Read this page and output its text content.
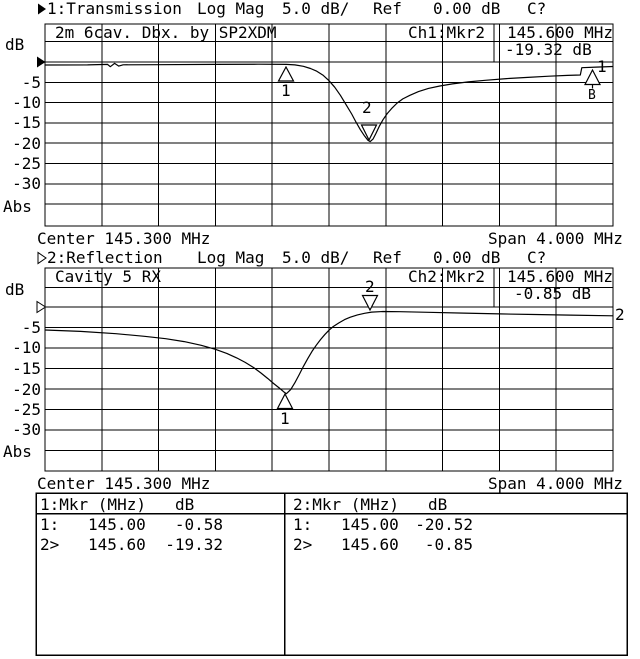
1:Transmission Log Mag 5.0 dB/ Ref 0.00 dB C?
2m 6cav. Dbx. by SP2XDM	Ch1:Mkr2 145.600 MHz
-19.32 dB
dB
-5
-10
-15
-20
-25
-30
Abs
1
2
1
B
Center 145.300 MHz	Span 4.000 MHz
2:Reflection Log Mag 5.0 dB/ Ref 0.00 dB C?
Cavity 5 RX	Ch2:Mkr2 145.600 MHz
-0.85 dB
dB
-5
-10
-15
-20
-25
-30
Abs
2
1
2
Center 145.300 MHz	Span 4.000 MHz
1:Mkr (MHz) dB	2:Mkr (MHz) dB
1: 145.00	-0.58
2> 145.60	-19.32
1: 145.00	-20.52
2> 145.60	-0.85
